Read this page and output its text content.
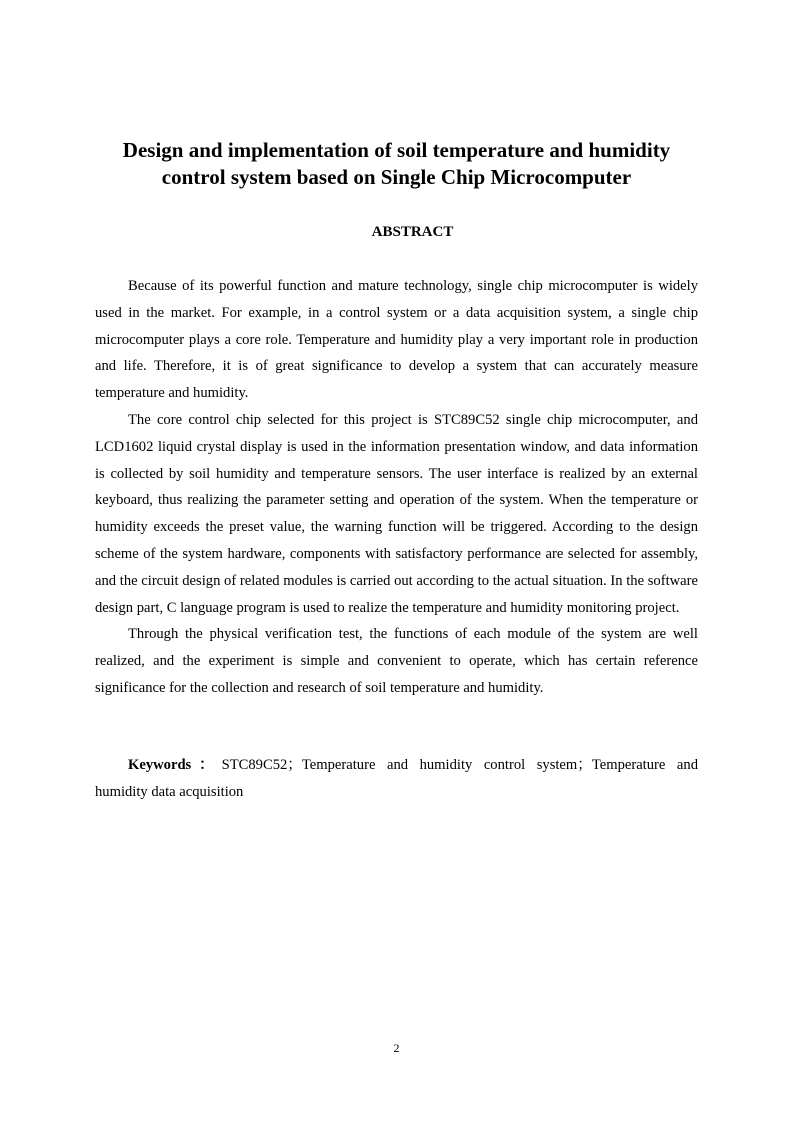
Design and implementation of soil temperature and humidity
control system based on Single Chip Microcomputer
ABSTRACT

Because of its powerful function and mature technology, single chip microcomputer is widely used in the market. For example, in a control system or a data acquisition system, a single chip microcomputer plays a core role. Temperature and humidity play a very important role in production and life. Therefore, it is of great significance to develop a system that can accurately measure temperature and humidity.

The core control chip selected for this project is STC89C52 single chip microcomputer, and LCD1602 liquid crystal display is used in the information presentation window, and data information is collected by soil humidity and temperature sensors. The user interface is realized by an external keyboard, thus realizing the parameter setting and operation of the system. When the temperature or humidity exceeds the preset value, the warning function will be triggered. According to the design scheme of the system hardware, components with satisfactory performance are selected for assembly, and the circuit design of related modules is carried out according to the actual situation. In the software design part, C language program is used to realize the temperature and humidity monitoring project.

Through the physical verification test, the functions of each module of the system are well realized, and the experiment is simple and convenient to operate, which has certain reference significance for the collection and research of soil temperature and humidity.

Keywords：STC89C52；Temperature and humidity control system；Temperature and humidity data acquisition

2
